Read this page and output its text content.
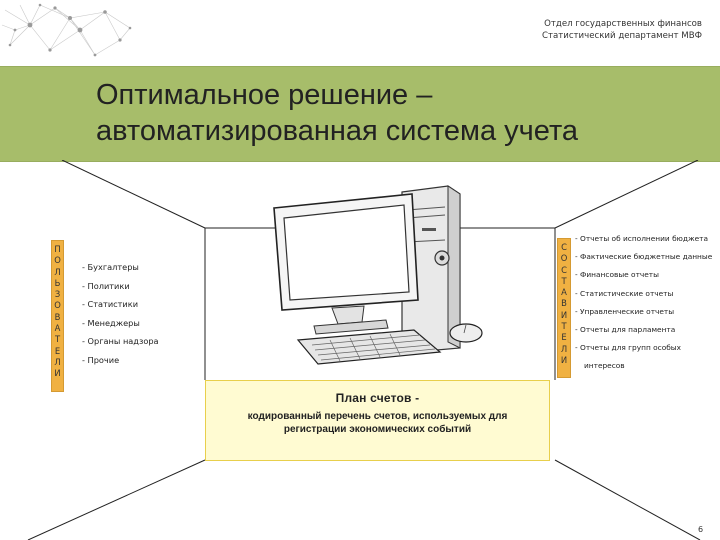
Отдел государственных финансов
Статистический департамент МВФ
Оптимальное решение –
автоматизированная система учета
П
О
Л
Ь
З
О
В
А
Т
Е
Л
И
- Бухгалтеры
- Политики
- Статистики
- Менеджеры
- Органы надзора
- Прочие
С
О
С
Т
А
В
И
Т
Е
Л
И
- Отчеты об исполнении бюджета
- Фактические бюджетные данные
- Финансовые отчеты
- Статистические отчеты
- Управленческие отчеты
- Отчеты для парламента
- Отчеты для групп особых
интересов
План счетов -
кодированный перечень счетов, используемых для
регистрации экономических событий
6
